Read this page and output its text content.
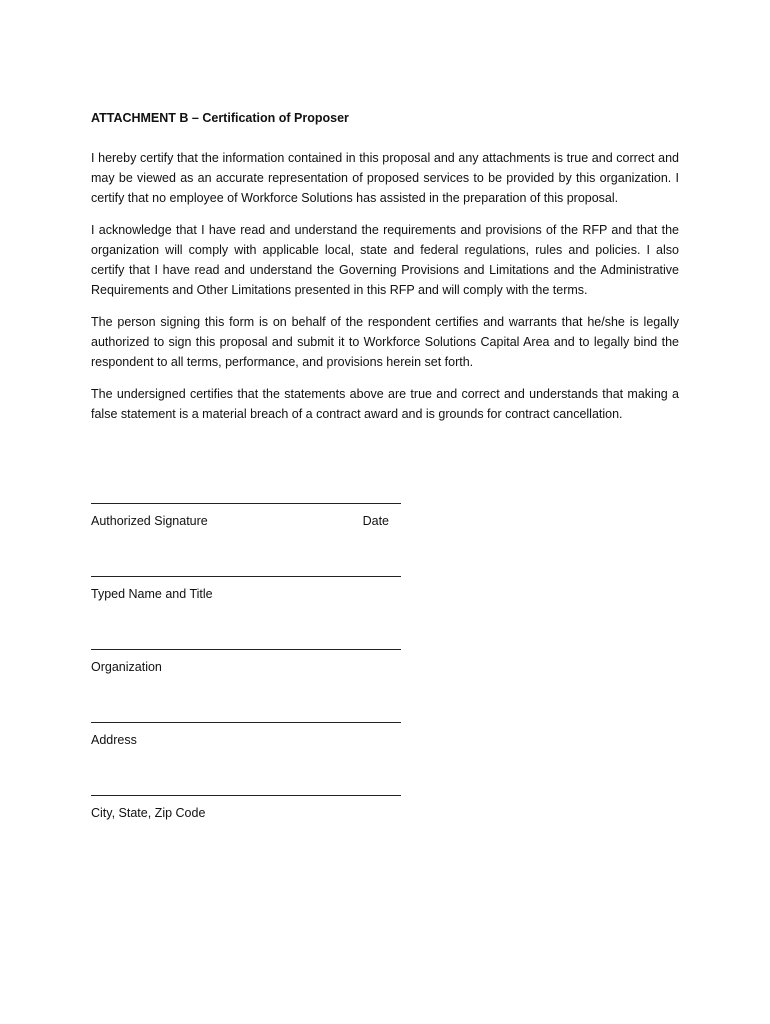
ATTACHMENT B – Certification of Proposer

I hereby certify that the information contained in this proposal and any attachments is true and correct and may be viewed as an accurate representation of proposed services to be provided by this organization. I certify that no employee of Workforce Solutions has assisted in the preparation of this proposal.

I acknowledge that I have read and understand the requirements and provisions of the RFP and that the organization will comply with applicable local, state and federal regulations, rules and policies. I also certify that I have read and understand the Governing Provisions and Limitations and the Administrative Requirements and Other Limitations presented in this RFP and will comply with the terms.

The person signing this form is on behalf of the respondent certifies and warrants that he/she is legally authorized to sign this proposal and submit it to Workforce Solutions Capital Area and to legally bind the respondent to all terms, performance, and provisions herein set forth.

The undersigned certifies that the statements above are true and correct and understands that making a false statement is a material breach of a contract award and is grounds for contract cancellation.

Authorized Signature	Date
Typed Name and Title
Organization
Address
City, State, Zip Code
